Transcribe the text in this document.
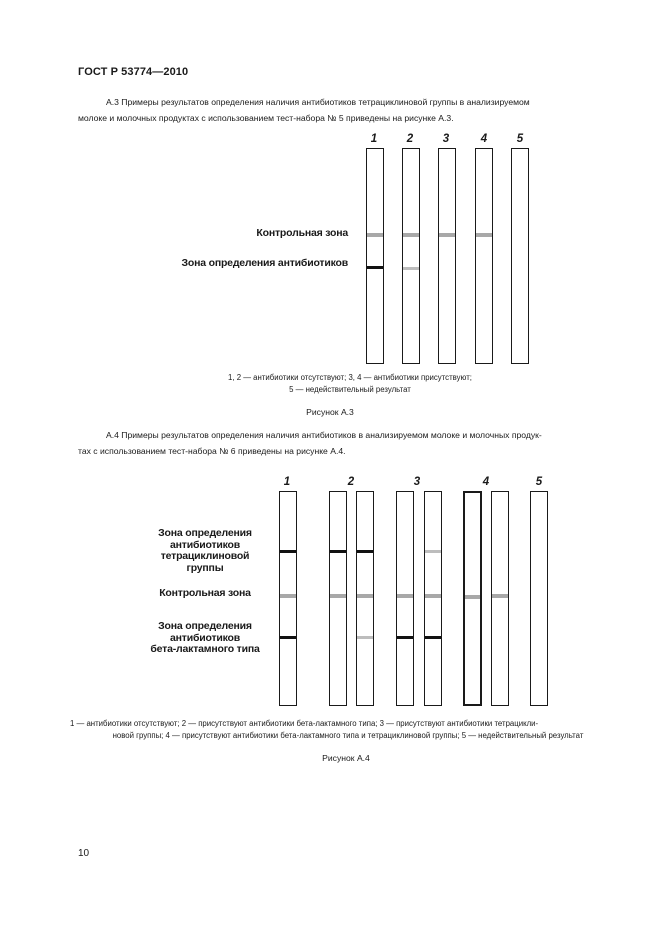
ГОСТ Р 53774—2010
А.3 Примеры результатов определения наличия антибиотиков тетрациклиновой группы в анализируемом
молоке и молочных продуктах с использованием тест-набора № 5 приведены на рисунке А.3.
1	2	3	4	5
Контрольная зона
Зона определения антибиотиков
1, 2 — антибиотики отсутствуют; 3, 4 — антибиотики присутствуют;
5 — недействительный результат
Рисунок А.3
А.4 Примеры результатов определения наличия антибиотиков в анализируемом молоке и молочных продук-
тах с использованием тест-набора № 6 приведены на рисунке А.4.
1	2	3	4	5
Зона определения
антибиотиков
тетрациклиновой
группы
Контрольная зона
Зона определения
антибиотиков
бета-лактамного типа
1 — антибиотики отсутствуют; 2 — присутствуют антибиотики бета-лактамного типа; 3 — присутствуют антибиотики тетрацикли-
новой группы; 4 — присутствуют антибиотики бета-лактамного типа и тетрациклиновой группы; 5 — недействительный результат
Рисунок А.4
10
